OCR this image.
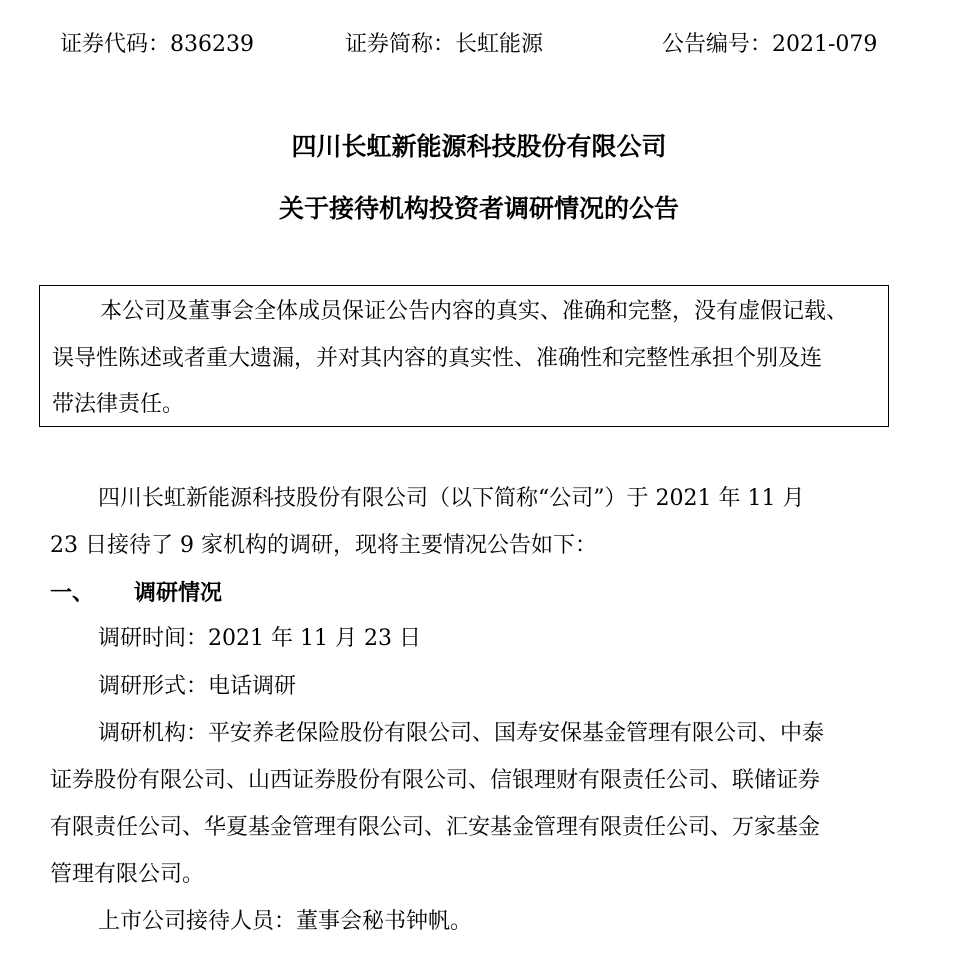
证券代码：836239	证券简称：长虹能源	公告编号：2021-079
四川长虹新能源科技股份有限公司
关于接待机构投资者调研情况的公告
本公司及董事会全体成员保证公告内容的真实、准确和完整，没有虚假记载、
误导性陈述或者重大遗漏，并对其内容的真实性、准确性和完整性承担个别及连
带法律责任。
四川长虹新能源科技股份有限公司（以下简称“公司”）于 2021 年 11 月
23 日接待了 9 家机构的调研，现将主要情况公告如下：
一、 调研情况
调研时间：2021 年 11 月 23 日
调研形式：电话调研
调研机构：平安养老保险股份有限公司、国寿安保基金管理有限公司、中泰
证券股份有限公司、山西证券股份有限公司、信银理财有限责任公司、联储证券
有限责任公司、华夏基金管理有限公司、汇安基金管理有限责任公司、万家基金
管理有限公司。
上市公司接待人员：董事会秘书钟帆。
